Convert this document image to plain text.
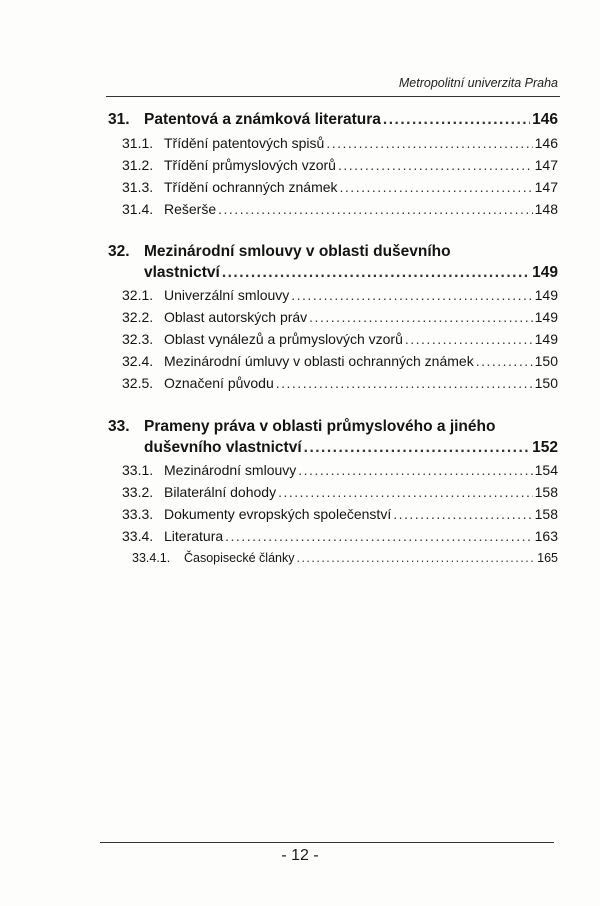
Metropolitní univerzita Praha
31. Patentová a známková literatura .....	146
31.1. Třídění patentových spisů .....	146
31.2. Třídění průmyslových vzorů .....	147
31.3. Třídění ochranných známek .....	147
31.4. Rešerše .....	148
32. Mezinárodní smlouvy v oblasti duševního
vlastnictví .....	149
32.1. Univerzální smlouvy .....	149
32.2. Oblast autorských práv .....	149
32.3. Oblast vynálezů a průmyslových vzorů .....	149
32.4. Mezinárodní úmluvy v oblasti ochranných známek .....	150
32.5. Označení původu .....	150
33. Prameny práva v oblasti průmyslového a jiného
duševního vlastnictví .....	152
33.1. Mezinárodní smlouvy .....	154
33.2. Bilaterální dohody .....	158
33.3. Dokumenty evropských společenství .....	158
33.4. Literatura .....	163
33.4.1. Časopisecké články .....	165
- 12 -
